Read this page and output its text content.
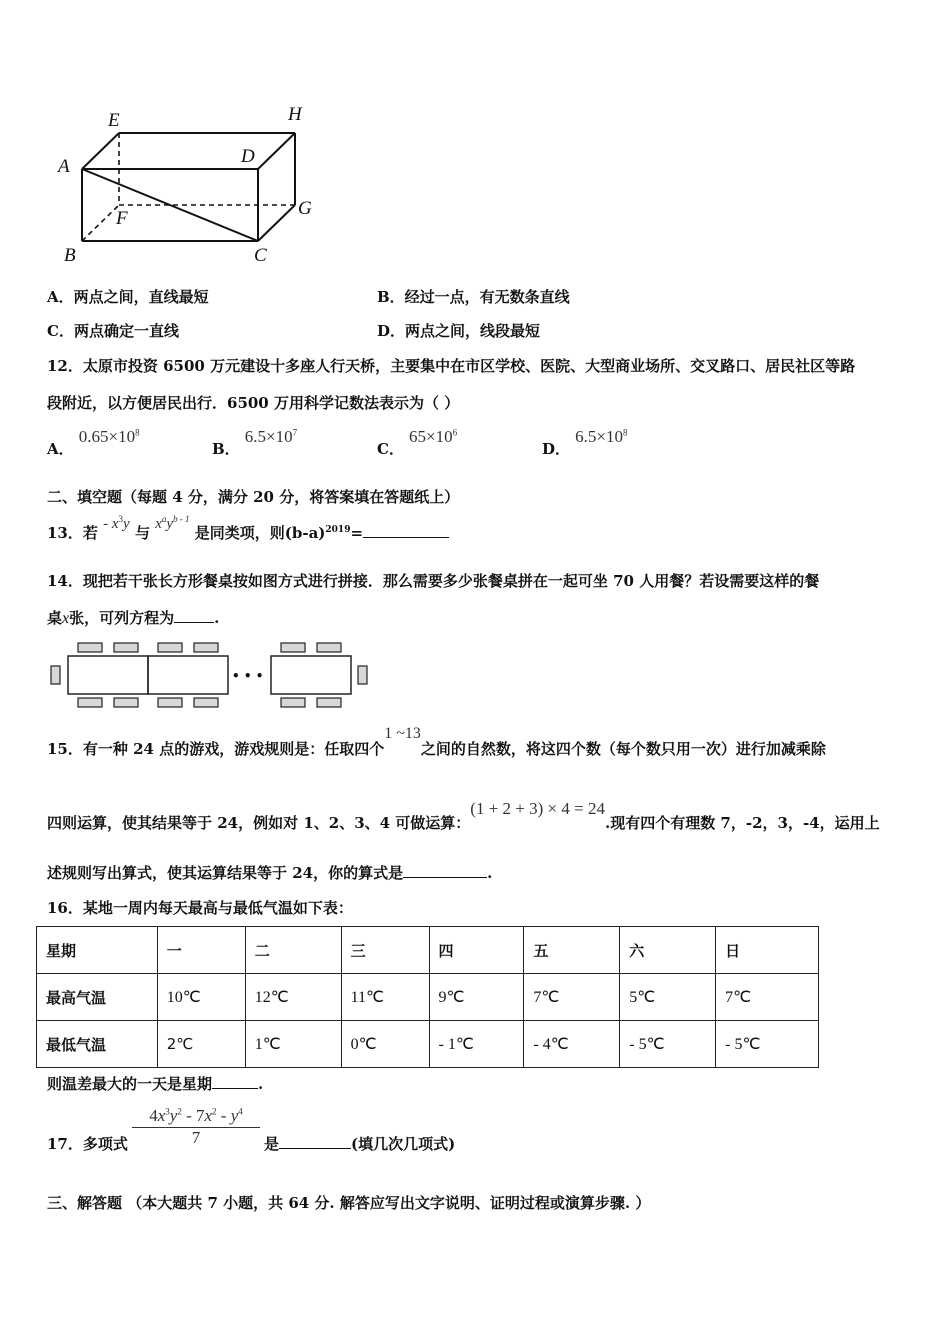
E	H
A	D
F	G
B	C
A．两点之间，直线最短	B．经过一点，有无数条直线
C．两点确定一直线	D．两点之间，线段最短
12．太原市投资 6500 万元建设十多座人行天桥，主要集中在市区学校、医院、大型商业场所、交叉路口、居民社区等路
段附近，以方便居民出行．6500 万用科学记数法表示为（ ）
A． $0.65\times 10^8$
B． $6.5\times 10^7$
C． $65\times 10^6$
D． $6.5\times 10^8$
二、填空题（每题 4 分，满分 20 分，将答案填在答题纸上）
13．若 - $x^3y$ 与 $x^ay^{b - 1}$ 是同类项，则$(b-a)^{2019}=$
14．现把若干张长方形餐桌按如图方式进行拼接．那么需要多少张餐桌拼在一起可坐 70 人用餐？若设需要这样的餐
桌x张，可列方程为	.
• • •
15．有一种 24 点的游戏，游戏规则是：任取四个1 ~13之间的自然数，将这四个数（每个数只用一次）进行加减乘除
四则运算，使其结果等于 24，例如对 1、2、3、4 可做运算：(1 + 2 + 3) × 4 = 24.现有四个有理数 7，-2，3，-4，运用上
述规则写出算式，使其运算结果等于 24，你的算式是	.
16．某地一周内每天最高与最低气温如下表：
星期	一	二	三	四	五	六	日
最高气温	10℃	12℃	11℃	9℃	7℃	5℃	7℃
最低气温	2℃	1℃	0℃	- 1℃	- 4℃	- 5℃	- 5℃
则温差最大的一天是星期	.
17．多项式
$4x^3y^2 - 7x^2 - y^4$
7	是	(填几次几项式)
三、解答题 （本大题共 7 小题，共 64 分. 解答应写出文字说明、证明过程或演算步骤. ）
